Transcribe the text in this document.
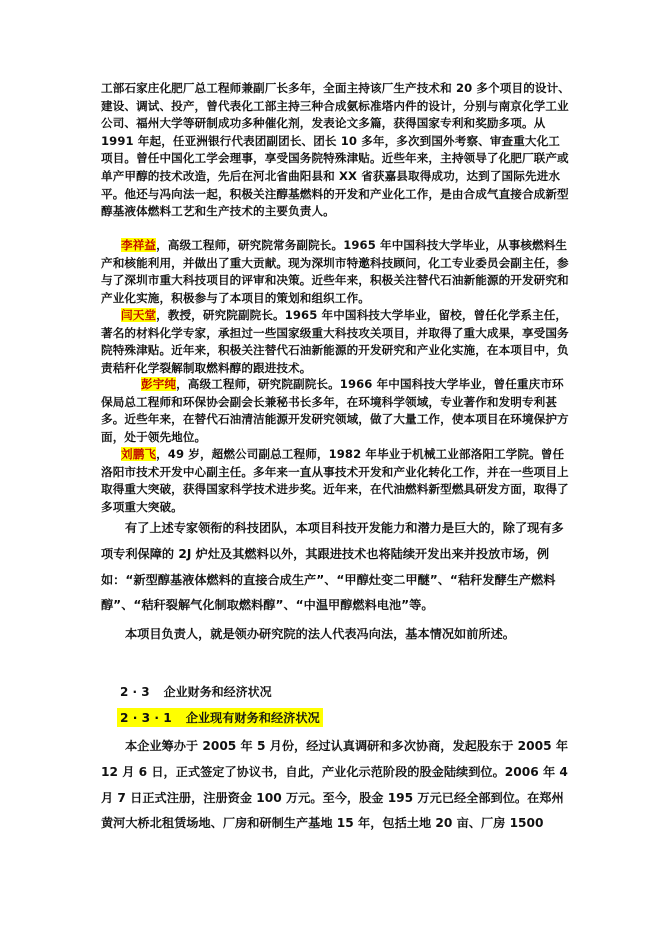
工部石家庄化肥厂总工程师兼副厂长多年，全面主持该厂生产技术和 20 多个项目的设计、建设、调试、投产，曾代表化工部主持三种合成氨标准塔内件的设计，分别与南京化学工业公司、福州大学等研制成功多种催化剂，发表论文多篇，获得国家专利和奖励多项。从 1991 年起，任亚洲银行代表团副团长、团长 10 多年，多次到国外考察、审查重大化工项目。曾任中国化工学会理事，享受国务院特殊津贴。近些年来，主持领导了化肥厂联产或单产甲醇的技术改造，先后在河北省曲阳县和 XX 省获嘉县取得成功，达到了国际先进水平。他还与冯向法一起，积极关注醇基燃料的开发和产业化工作，是由合成气直接合成新型醇基液体燃料工艺和生产技术的主要负责人。

李祥益，高级工程师，研究院常务副院长。1965 年中国科技大学毕业，从事核燃料生产和核能利用，并做出了重大贡献。现为深圳市特邀科技顾问，化工专业委员会副主任，参与了深圳市重大科技项目的评审和决策。近些年来，积极关注替代石油新能源的开发研究和产业化实施，积极参与了本项目的策划和组织工作。

闫天堂，教授，研究院副院长。1965 年中国科技大学毕业，留校，曾任化学系主任，著名的材料化学专家，承担过一些国家级重大科技攻关项目，并取得了重大成果，享受国务院特殊津贴。近年来，积极关注替代石油新能源的开发研究和产业化实施，在本项目中，负责秸秆化学裂解制取燃料醇的跟进技术。

彭宇纯，高级工程师，研究院副院长。1966 年中国科技大学毕业，曾任重庆市环保局总工程师和环保协会副会长兼秘书长多年，在环境科学领域，专业著作和发明专利甚多。近些年来，在替代石油清洁能源开发研究领域，做了大量工作，使本项目在环境保护方面，处于领先地位。

刘鹏飞，49 岁，超燃公司副总工程师，1982 年毕业于机械工业部洛阳工学院。曾任洛阳市技术开发中心副主任。多年来一直从事技术开发和产业化转化工作，并在一些项目上取得重大突破，获得国家科学技术进步奖。近年来，在代油燃料新型燃具研发方面，取得了多项重大突破。

有了上述专家领衔的科技团队，本项目科技开发能力和潜力是巨大的，除了现有多项专利保障的 2J 炉灶及其燃料以外，其跟进技术也将陆续开发出来并投放市场，例如：“新型醇基液体燃料的直接合成生产”、“甲醇灶变二甲醚”、“秸秆发酵生产燃料醇”、“秸秆裂解气化制取燃料醇”、“中温甲醇燃料电池”等。

本项目负责人，就是领办研究院的法人代表冯向法，基本情况如前所述。

2 · 3 企业财务和经济状况

2 · 3 · 1 企业现有财务和经济状况

本企业筹办于 2005 年 5 月份，经过认真调研和多次协商，发起股东于 2005 年 12 月 6 日，正式签定了协议书，自此，产业化示范阶段的股金陆续到位。2006 年 4 月 7 日正式注册，注册资金 100 万元。至今，股金 195 万元已经全部到位。在郑州黄河大桥北租赁场地、厂房和研制生产基地 15 年，包括土地 20 亩、厂房 1500
